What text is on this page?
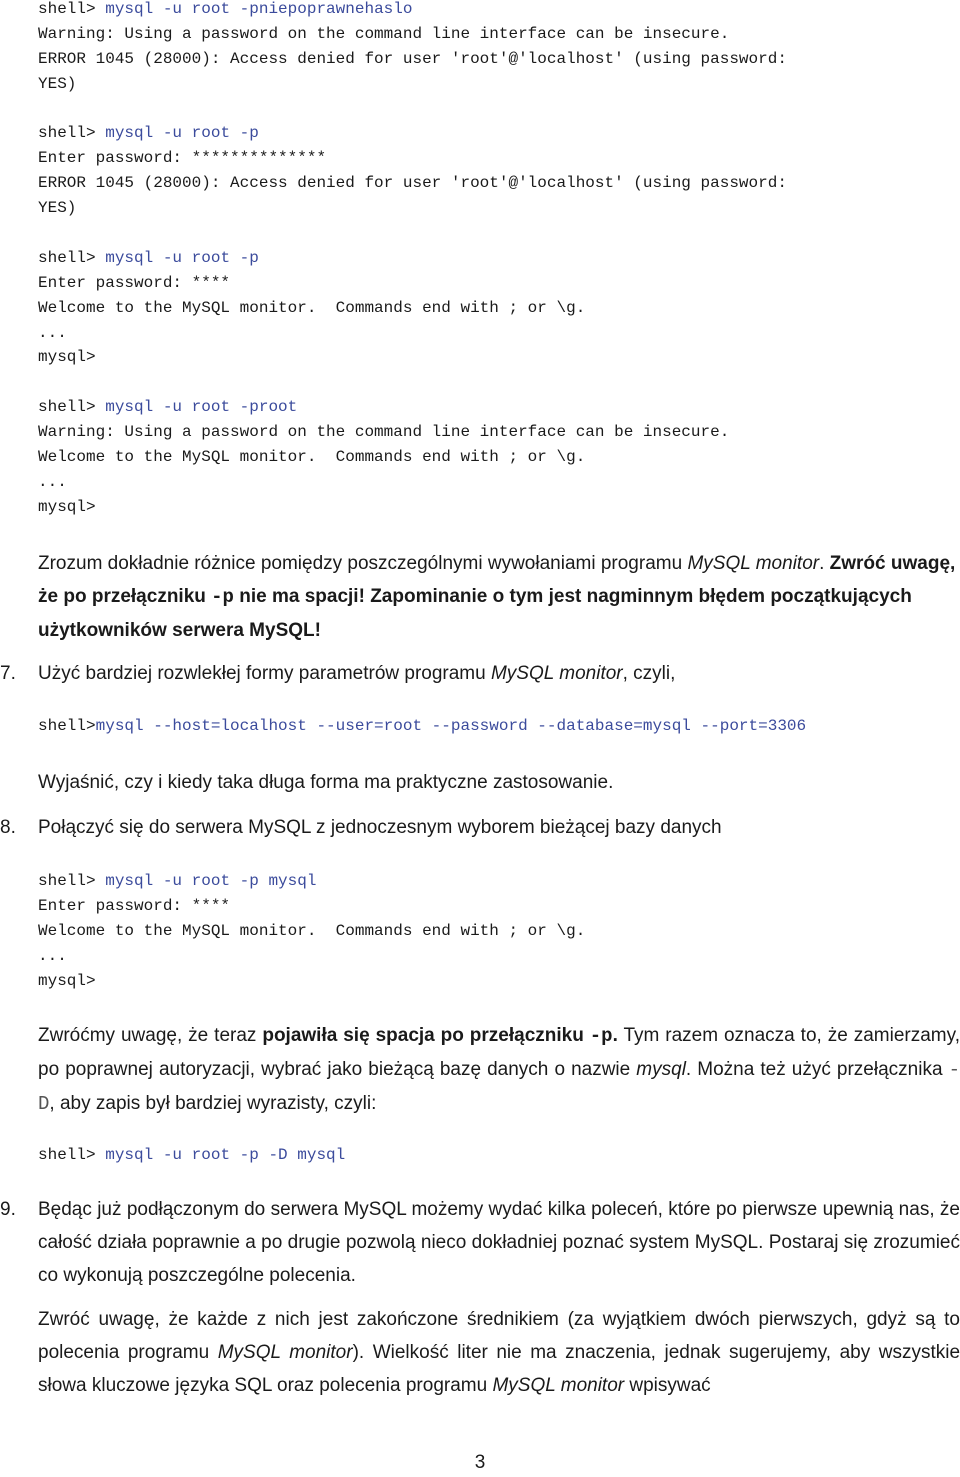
shell> mysql -u root -pniepoprawnehaslo
Warning: Using a password on the command line interface can be insecure.
ERROR 1045 (28000): Access denied for user 'root'@'localhost' (using password:
YES)
shell> mysql -u root -p
Enter password: **************
ERROR 1045 (28000): Access denied for user 'root'@'localhost' (using password:
YES)
shell> mysql -u root -p
Enter password: ****
Welcome to the MySQL monitor.  Commands end with ; or \g.
...
mysql>
shell> mysql -u root -proot
Warning: Using a password on the command line interface can be insecure.
Welcome to the MySQL monitor.  Commands end with ; or \g.
...
mysql>
Zrozum dokładnie różnice pomiędzy poszczególnymi wywołaniami programu MySQL monitor. Zwróć uwagę, że po przełączniku -p nie ma spacji! Zapominanie o tym jest nagminnym błędem początkujących użytkowników serwera MySQL!
7. Użyć bardziej rozwlekłej formy parametrów programu MySQL monitor, czyli,
shell>mysql --host=localhost --user=root --password --database=mysql --port=3306
Wyjaśnić, czy i kiedy taka długa forma ma praktyczne zastosowanie.
8. Połączyć się do serwera MySQL z jednoczesnym wyborem bieżącej bazy danych
shell> mysql -u root -p mysql
Enter password: ****
Welcome to the MySQL monitor.  Commands end with ; or \g.
...
mysql>
Zwróćmy uwagę, że teraz pojawiła się spacja po przełączniku -p. Tym razem oznacza to, że zamierzamy, po poprawnej autoryzacji, wybrać jako bieżącą bazę danych o nazwie mysql. Można też użyć przełącznika -D, aby zapis był bardziej wyrazisty, czyli:
shell> mysql -u root -p -D mysql
9. Będąc już podłączonym do serwera MySQL możemy wydać kilka poleceń, które po pierwsze upewnią nas, że całość działa poprawnie a po drugie pozwolą nieco dokładniej poznać system MySQL. Postaraj się zrozumieć co wykonują poszczególne polecenia.
Zwróć uwagę, że każde z nich jest zakończone średnikiem (za wyjątkiem dwóch pierwszych, gdyż są to polecenia programu MySQL monitor). Wielkość liter nie ma znaczenia, jednak sugerujemy, aby wszystkie słowa kluczowe języka SQL oraz polecenia programu MySQL monitor wpisywać
3
